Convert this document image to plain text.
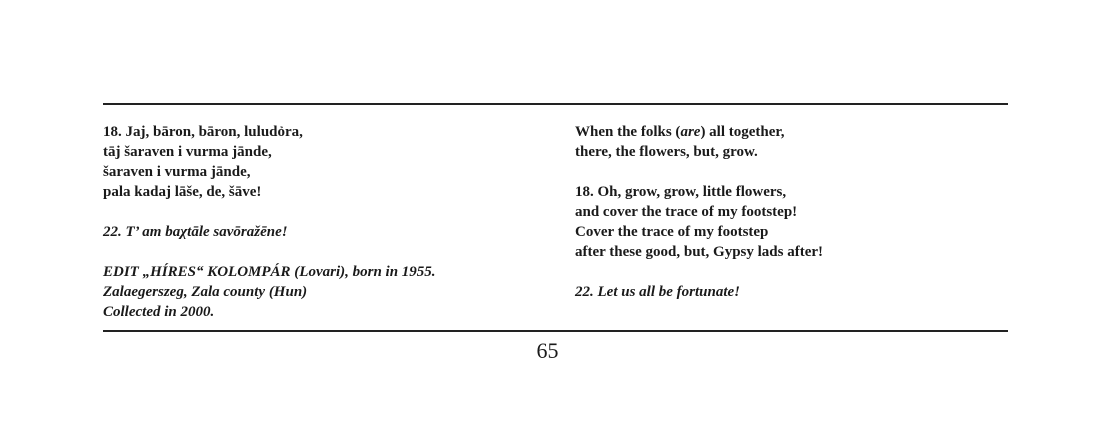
18. Jaj, bāron, bāron, luludỏra,
tāj šaraven i vurma jānde,
šaraven i vurma jānde,
pala kadaj lāše, de, šāve!
22. T’ am baχtāle savōražēne!
EDIT „HÍRES“ KOLOMPÁR (Lovari), born in 1955.
Zalaegerszeg, Zala county (Hun)
Collected in 2000.
When the folks (are) all together,
there, the flowers, but, grow.
18. Oh, grow, grow, little flowers,
and cover the trace of my footstep!
Cover the trace of my footstep
after these good, but, Gypsy lads after!
22. Let us all be fortunate!
65
